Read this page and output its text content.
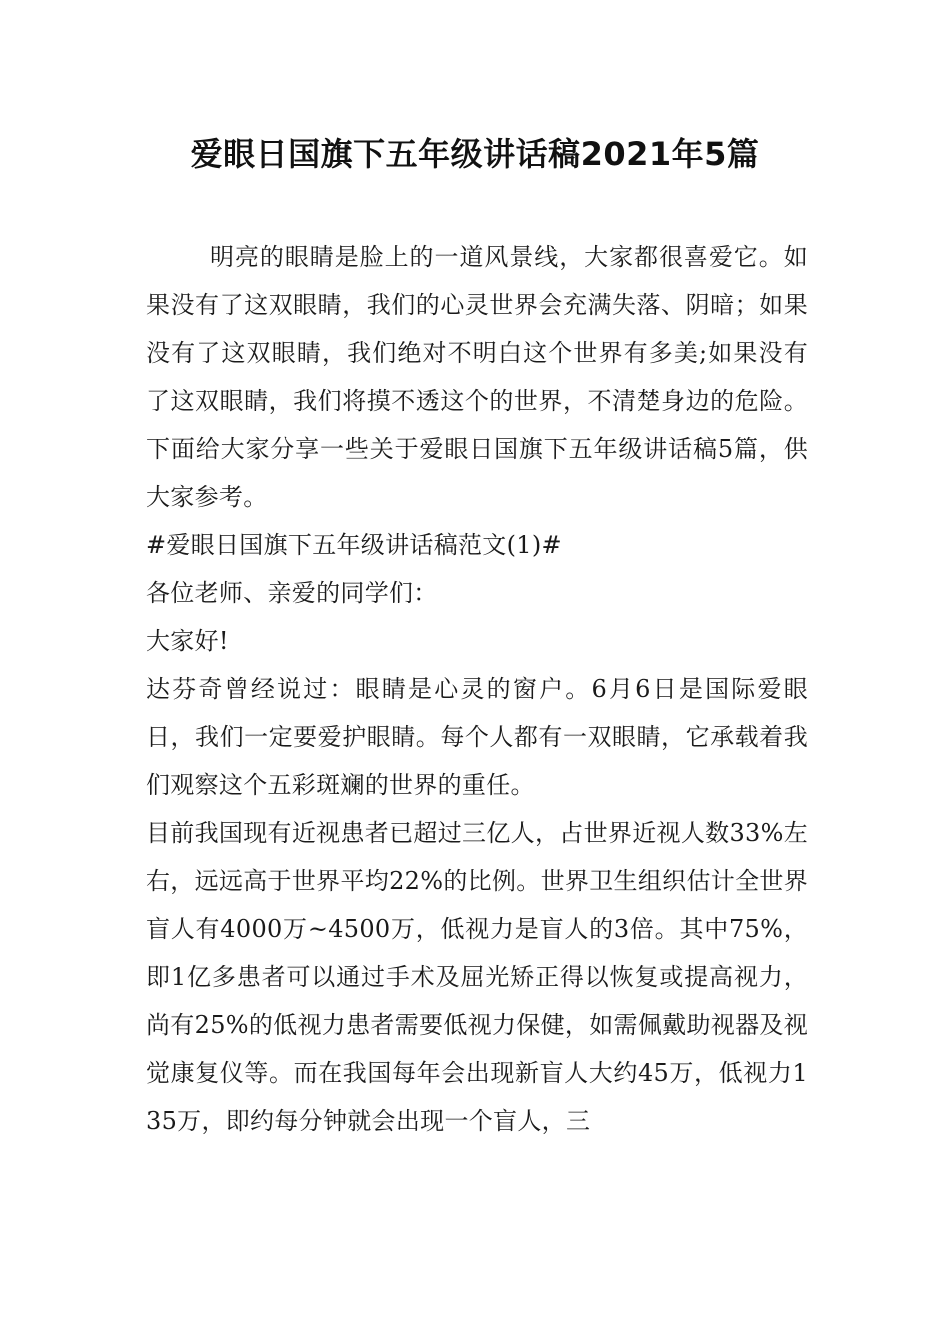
爱眼日国旗下五年级讲话稿2021年5篇

明亮的眼睛是脸上的一道风景线，大家都很喜爱它。如果没有了这双眼睛，我们的心灵世界会充满失落、阴暗；如果没有了这双眼睛，我们绝对不明白这个世界有多美;如果没有了这双眼睛，我们将摸不透这个的世界，不清楚身边的危险。下面给大家分享一些关于爱眼日国旗下五年级讲话稿5篇，供大家参考。

#爱眼日国旗下五年级讲话稿范文(1)#

各位老师、亲爱的同学们：

大家好!

达芬奇曾经说过：眼睛是心灵的窗户。6月6日是国际爱眼日，我们一定要爱护眼睛。每个人都有一双眼睛，它承载着我们观察这个五彩斑斓的世界的重任。

目前我国现有近视患者已超过三亿人，占世界近视人数33%左右，远远高于世界平均22%的比例。世界卫生组织估计全世界盲人有4000万~4500万，低视力是盲人的3倍。其中75%，即1亿多患者可以通过手术及屈光矫正得以恢复或提高视力，尚有25%的低视力患者需要低视力保健，如需佩戴助视器及视觉康复仪等。而在我国每年会出现新盲人大约45万，低视力135万，即约每分钟就会出现一个盲人，三
